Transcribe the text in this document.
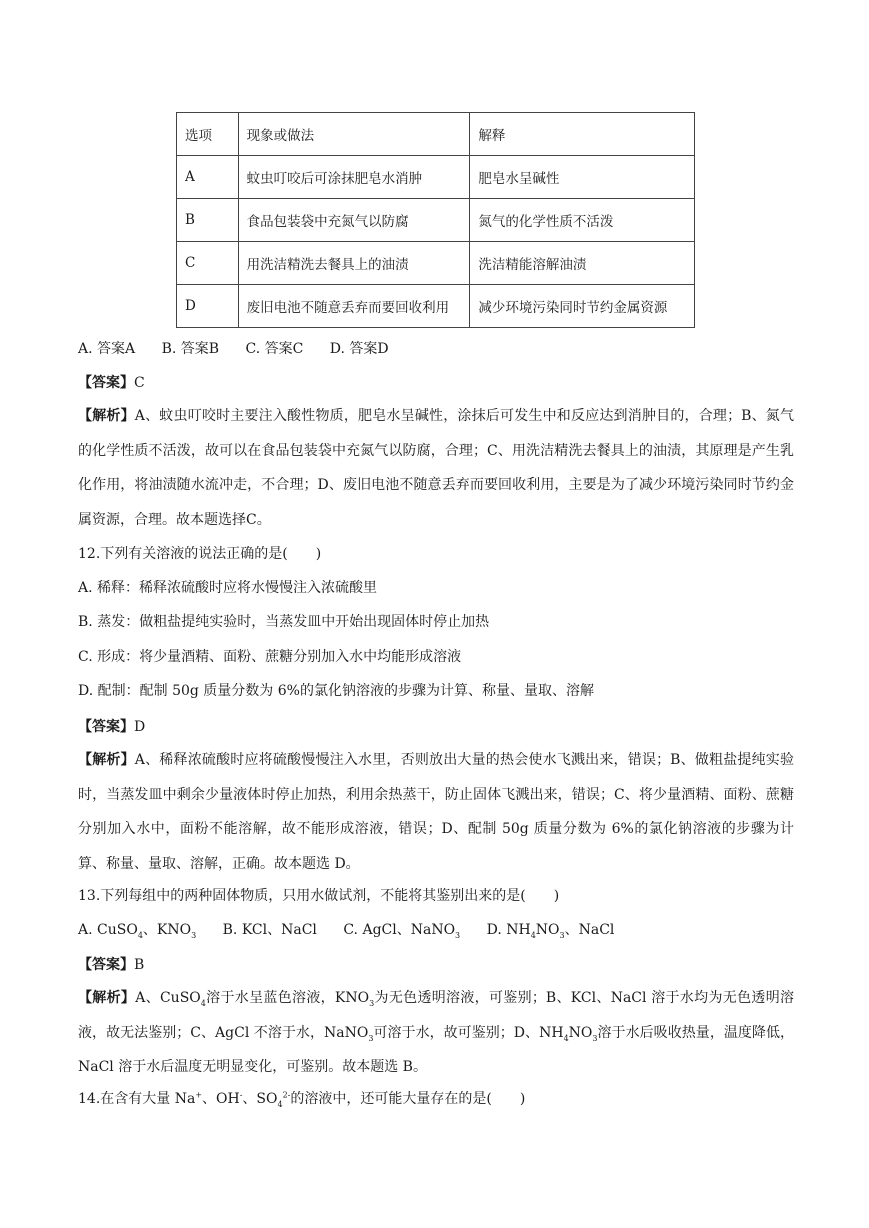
选项	现象或做法	解释
A	蚊虫叮咬后可涂抹肥皂水消肿	肥皂水呈碱性
B	食品包装袋中充氮气以防腐	氮气的化学性质不活泼
C	用洗洁精洗去餐具上的油渍	洗洁精能溶解油渍
D	废旧电池不随意丢弃而要回收利用	减少环境污染同时节约金属资源
A. 答案A B. 答案B C. 答案C D. 答案D
【答案】C

【解析】A、蚊虫叮咬时主要注入酸性物质，肥皂水呈碱性，涂抹后可发生中和反应达到消肿目的，合理；B、氮气的化学性质不活泼，故可以在食品包装袋中充氮气以防腐，合理；C、用洗洁精洗去餐具上的油渍，其原理是产生乳化作用，将油渍随水流冲走，不合理；D、废旧电池不随意丢弃而要回收利用，主要是为了减少环境污染同时节约金属资源，合理。故本题选择C。

12.下列有关溶液的说法正确的是(　　)
A. 稀释：稀释浓硫酸时应将水慢慢注入浓硫酸里
B. 蒸发：做粗盐提纯实验时，当蒸发皿中开始出现固体时停止加热
C. 形成：将少量酒精、面粉、蔗糖分别加入水中均能形成溶液
D. 配制：配制 50g 质量分数为 6%的氯化钠溶液的步骤为计算、称量、量取、溶解
【答案】D

【解析】A、稀释浓硫酸时应将硫酸慢慢注入水里，否则放出大量的热会使水飞溅出来，错误；B、做粗盐提纯实验时，当蒸发皿中剩余少量液体时停止加热，利用余热蒸干，防止固体飞溅出来，错误；C、将少量酒精、面粉、蔗糖分别加入水中，面粉不能溶解，故不能形成溶液，错误；D、配制 50g 质量分数为 6%的氯化钠溶液的步骤为计算、称量、量取、溶解，正确。故本题选 D。

13.下列每组中的两种固体物质，只用水做试剂，不能将其鉴别出来的是(　　)
A. CuSO$_4$、$KNO_3$ B. KCl、NaCl C. AgCl、NaNO$_3$ D. $NH_4NO_3$、NaCl
【答案】B

【解析】A、CuSO$_4$溶于水呈蓝色溶液，$KNO_3$为无色透明溶液，可鉴别；B、KCl、NaCl 溶于水均为无色透明溶液，故无法鉴别；C、AgCl 不溶于水，NaNO$_3$可溶于水，故可鉴别；D、$NH_4NO_3$溶于水后吸收热量，温度降低，NaCl 溶于水后温度无明显变化，可鉴别。故本题选 B。

14.在含有大量 Na+、OH-、$SO_4^{2-}$的溶液中，还可能大量存在的是(　　)
